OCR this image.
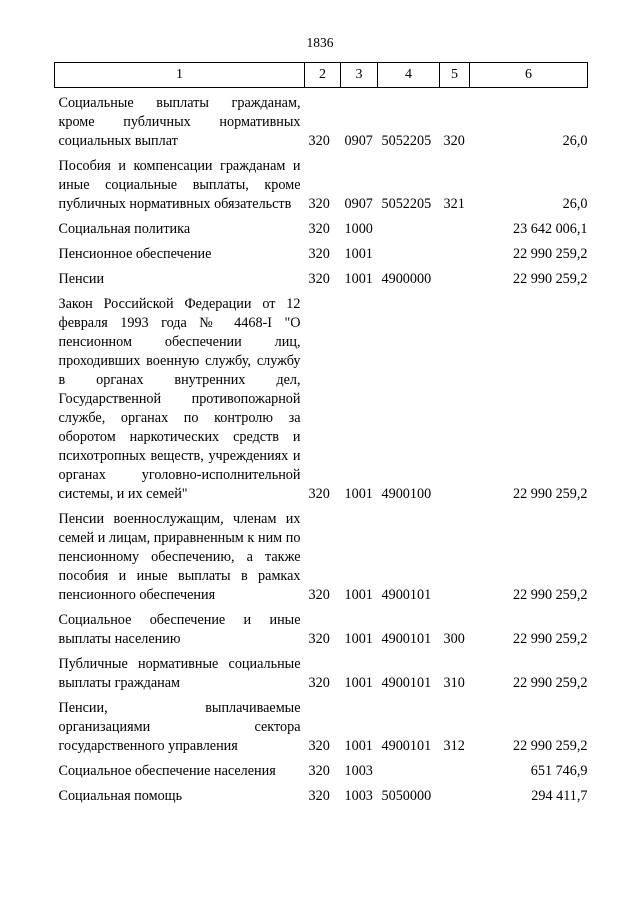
1836
1	2	3	4	5	6

Социальные выплаты гражданам, кроме публичных нормативных социальных выплат	320	0907	5052205	320	26,0

Пособия и компенсации гражданам и иные социальные выплаты, кроме публичных нормативных обязательств	320	0907	5052205	321	26,0

Социальная политика	320	1000			23 642 006,1

Пенсионное обеспечение	320	1001			22 990 259,2

Пенсии	320	1001	4900000		22 990 259,2

Закон Российской Федерации от 12 февраля 1993 года № 4468-I "О пенсионном обеспечении лиц, проходивших военную службу, службу в органах внутренних дел, Государственной противопожарной службе, органах по контролю за оборотом наркотических средств и психотропных веществ, учреждениях и органах уголовно-исполнительной системы, и их семей"	320	1001	4900100		22 990 259,2

Пенсии военнослужащим, членам их семей и лицам, приравненным к ним по пенсионному обеспечению, а также пособия и иные выплаты в рамках пенсионного обеспечения	320	1001	4900101		22 990 259,2

Социальное обеспечение и иные выплаты населению	320	1001	4900101	300	22 990 259,2

Публичные нормативные социальные выплаты гражданам	320	1001	4900101	310	22 990 259,2

Пенсии, выплачиваемые организациями сектора государственного управления	320	1001	4900101	312	22 990 259,2

Социальное обеспечение населения	320	1003			651 746,9

Социальная помощь	320	1003	5050000		294 411,7
